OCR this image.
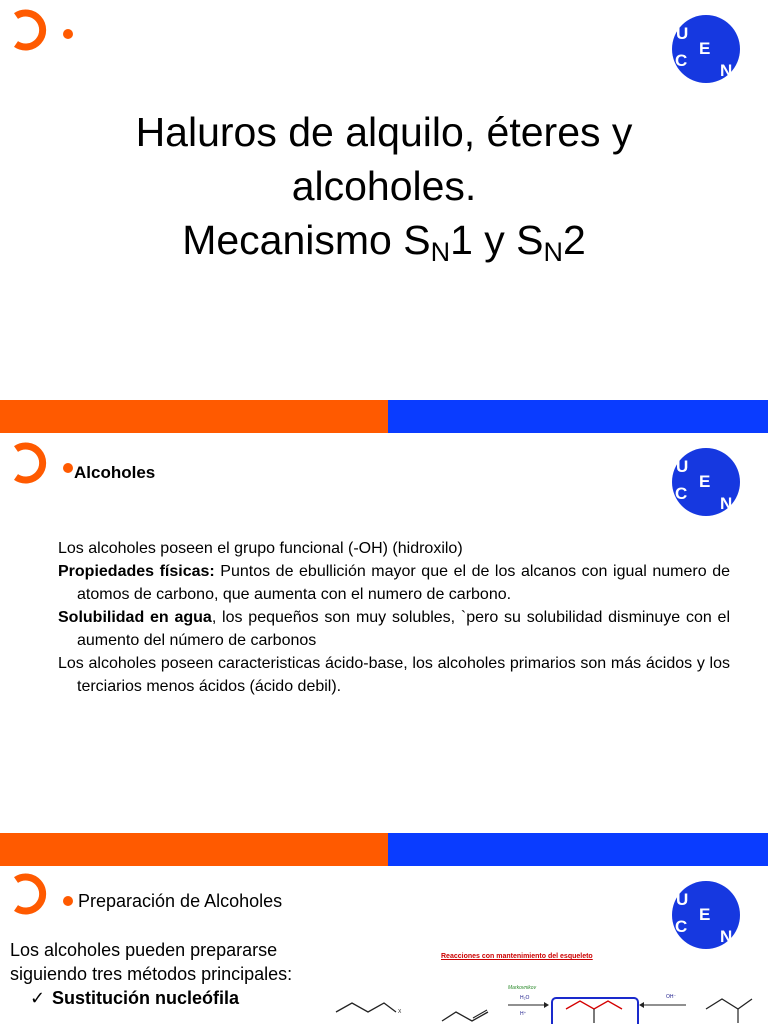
U
C
E
N
Haluros de alquilo, éteres y
alcoholes.
Mecanismo $S_N1$ y $S_N2$
Alcoholes	U
C
E
N

Los alcoholes poseen el grupo funcional (-OH) (hidroxilo)

Propiedades físicas: Puntos de ebullición mayor que el de los alcanos con igual numero de atomos de carbono, que aumenta con el numero de carbono.

Solubilidad en agua, los pequeños son muy solubles, `pero su solubilidad disminuye con el aumento del número de carbonos

Los alcoholes poseen caracteristicas ácido-base, los alcoholes primarios son más ácidos y los terciarios menos ácidos (ácido debil).

Preparación de Alcoholes	U
C
E
N
Los alcoholes pueden prepararse siguiendo tres métodos principales:
✓ Sustitución nucleófila
Reacciones con mantenimiento del esqueleto
X
Markovnikov
H₂O
H⁺
OH⁻
